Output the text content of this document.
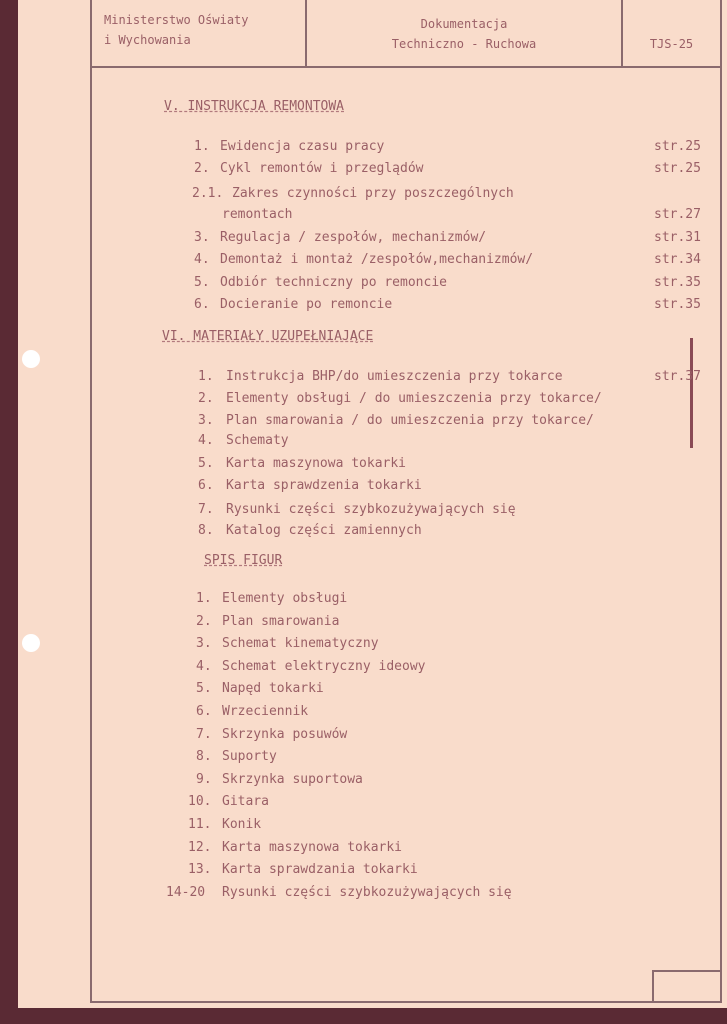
Ministerstwo Oświaty
i Wychowania
Dokumentacja
Techniczno - Ruchowa	TJS-25
V. INSTRUKCJA REMONTOWA
1. Ewidencja czasu pracy	str.25
2. Cykl remontów i przeglądów	str.25
2.1. Zakres czynności przy poszczególnych
remontach	str.27
3. Regulacja / zespołów, mechanizmów/	str.31
4. Demontaż i montaż /zespołów,mechanizmów/	str.34
5. Odbiór techniczny po remoncie	str.35
6. Docieranie po remoncie	str.35
VI. MATERIAŁY UZUPEŁNIAJĄCE
1. Instrukcja BHP/do umieszczenia przy tokarce	str.37
2. Elementy obsługi / do umieszczenia przy tokarce/
3. Plan smarowania / do umieszczenia przy tokarce/
4. Schematy
5. Karta maszynowa tokarki
6. Karta sprawdzenia tokarki
7. Rysunki części szybkozużywających się
8. Katalog części zamiennych
SPIS FIGUR
1. Elementy obsługi
2. Plan smarowania
3. Schemat kinematyczny
4. Schemat elektryczny ideowy
5. Napęd tokarki
6. Wrzeciennik
7. Skrzynka posuwów
8. Suporty
9. Skrzynka suportowa
10. Gitara
11. Konik
12. Karta maszynowa tokarki
13. Karta sprawdzania tokarki
14-20 Rysunki części szybkozużywających się
